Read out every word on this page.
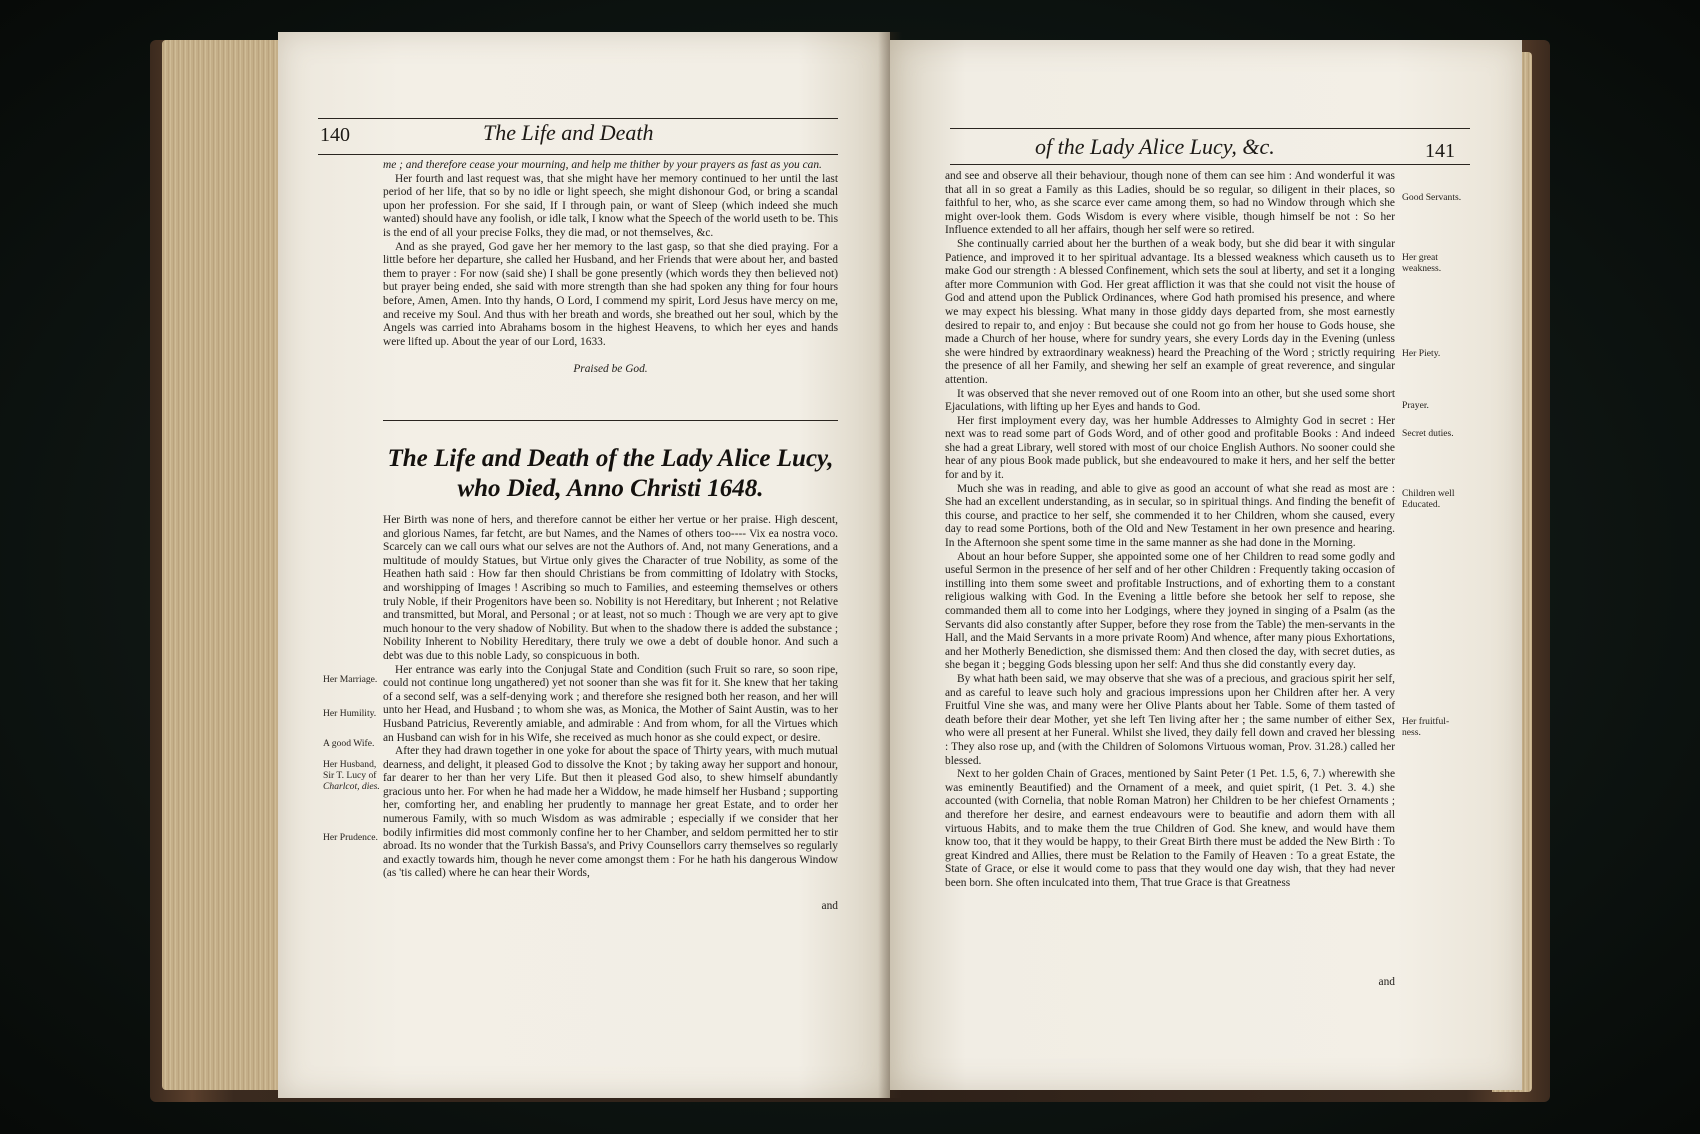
140	The Life and Death

me ; and therefore cease your mourning, and help me thither by your prayers as fast as you can.

Her fourth and last request was, that she might have her memory continued to her until the last period of her life, that so by no idle or light speech, she might dishonour God, or bring a scandal upon her profession. For she said, If I through pain, or want of Sleep (which indeed she much wanted) should have any foolish, or idle talk, I know what the Speech of the world useth to be. This is the end of all your precise Folks, they die mad, or not themselves, &c.

And as she prayed, God gave her her memory to the last gasp, so that she died praying. For a little before her departure, she called her Husband, and her Friends that were about her, and basted them to prayer : For now (said she) I shall be gone presently (which words they then believed not) but prayer being ended, she said with more strength than she had spoken any thing for four hours before, Amen, Amen. Into thy hands, O Lord, I commend my spirit, Lord Jesus have mercy on me, and receive my Soul. And thus with her breath and words, she breathed out her soul, which by the Angels was carried into Abrahams bosom in the highest Heavens, to which her eyes and hands were lifted up. About the year of our Lord, 1633.

Praised be God.

The Life and Death of the Lady Alice Lucy,
who Died, Anno Christi 1648.

Her Birth was none of hers, and therefore cannot be either her vertue or her praise. High descent, and glorious Names, far fetcht, are but Names, and the Names of others too---- Vix ea nostra voco. Scarcely can we call ours what our selves are not the Authors of. And, not many Generations, and a multitude of mouldy Statues, but Virtue only gives the Character of true Nobility, as some of the Heathen hath said : How far then should Christians be from committing of Idolatry with Stocks, and worshipping of Images ! Ascribing so much to Families, and esteeming themselves or others truly Noble, if their Progenitors have been so. Nobility is not Hereditary, but Inherent ; not Relative and transmitted, but Moral, and Personal ; or at least, not so much : Though we are very apt to give much honour to the very shadow of Nobility. But when to the shadow there is added the substance ; Nobility Inherent to Nobility Hereditary, there truly we owe a debt of double honor. And such a debt was due to this noble Lady, so conspicuous in both.

Her entrance was early into the Conjugal State and Condition (such Fruit so rare, so soon ripe, could not continue long ungathered) yet not sooner than she was fit for it. She knew that her taking of a second self, was a self-denying work ; and therefore she resigned both her reason, and her will unto her Head, and Husband ; to whom she was, as Monica, the Mother of Saint Austin, was to her Husband Patricius, Reverently amiable, and admirable : And from whom, for all the Virtues which an Husband can wish for in his Wife, she received as much honor as she could expect, or desire.

After they had drawn together in one yoke for about the space of Thirty years, with much mutual dearness, and delight, it pleased God to dissolve the Knot ; by taking away her support and honour, far dearer to her than her very Life. But then it pleased God also, to shew himself abundantly gracious unto her. For when he had made her a Widdow, he made himself her Husband ; supporting her, comforting her, and enabling her prudently to mannage her great Estate, and to order her numerous Family, with so much Wisdom as was admirable ; especially if we consider that her bodily infirmities did most commonly confine her to her Chamber, and seldom permitted her to stir abroad. Its no wonder that the Turkish Bassa's, and Privy Counsellors carry themselves so regularly and exactly towards him, though he never come amongst them : For he hath his dangerous Window (as 'tis called) where he can hear their Words,

and
Her Marriage.
Her Humility.
A good Wife.
Her Husband,
Sir T. Lucy of
Charlcot, dies.
Her Prudence.
of the Lady Alice Lucy, &c.	141

and see and observe all their behaviour, though none of them can see him : And wonderful it was that all in so great a Family as this Ladies, should be so regular, so diligent in their places, so faithful to her, who, as she scarce ever came among them, so had no Window through which she might over-look them. Gods Wisdom is every where visible, though himself be not : So her Influence extended to all her affairs, though her self were so retired.

She continually carried about her the burthen of a weak body, but she did bear it with singular Patience, and improved it to her spiritual advantage. Its a blessed weakness which causeth us to make God our strength : A blessed Confinement, which sets the soul at liberty, and set it a longing after more Communion with God. Her great affliction it was that she could not visit the house of God and attend upon the Publick Ordinances, where God hath promised his presence, and where we may expect his blessing. What many in those giddy days departed from, she most earnestly desired to repair to, and enjoy : But because she could not go from her house to Gods house, she made a Church of her house, where for sundry years, she every Lords day in the Evening (unless she were hindred by extraordinary weakness) heard the Preaching of the Word ; strictly requiring the presence of all her Family, and shewing her self an example of great reverence, and singular attention.

It was observed that she never removed out of one Room into an other, but she used some short Ejaculations, with lifting up her Eyes and hands to God.

Her first imployment every day, was her humble Addresses to Almighty God in secret : Her next was to read some part of Gods Word, and of other good and profitable Books : And indeed she had a great Library, well stored with most of our choice English Authors. No sooner could she hear of any pious Book made publick, but she endeavoured to make it hers, and her self the better for and by it.

Much she was in reading, and able to give as good an account of what she read as most are : She had an excellent understanding, as in secular, so in spiritual things. And finding the benefit of this course, and practice to her self, she commended it to her Children, whom she caused, every day to read some Portions, both of the Old and New Testament in her own presence and hearing. In the Afternoon she spent some time in the same manner as she had done in the Morning.

About an hour before Supper, she appointed some one of her Children to read some godly and useful Sermon in the presence of her self and of her other Children : Frequently taking occasion of instilling into them some sweet and profitable Instructions, and of exhorting them to a constant religious walking with God. In the Evening a little before she betook her self to repose, she commanded them all to come into her Lodgings, where they joyned in singing of a Psalm (as the Servants did also constantly after Supper, before they rose from the Table) the men-servants in the Hall, and the Maid Servants in a more private Room) And whence, after many pious Exhortations, and her Motherly Benediction, she dismissed them: And then closed the day, with secret duties, as she began it ; begging Gods blessing upon her self: And thus she did constantly every day.

By what hath been said, we may observe that she was of a precious, and gracious spirit her self, and as careful to leave such holy and gracious impressions upon her Children after her. A very Fruitful Vine she was, and many were her Olive Plants about her Table. Some of them tasted of death before their dear Mother, yet she left Ten living after her ; the same number of either Sex, who were all present at her Funeral. Whilst she lived, they daily fell down and craved her blessing : They also rose up, and (with the Children of Solomons Virtuous woman, Prov. 31.28.) called her blessed.

Next to her golden Chain of Graces, mentioned by Saint Peter (1 Pet. 1.5, 6, 7.) wherewith she was eminently Beautified) and the Ornament of a meek, and quiet spirit, (1 Pet. 3. 4.) she accounted (with Cornelia, that noble Roman Matron) her Children to be her chiefest Ornaments ; and therefore her desire, and earnest endeavours were to beautifie and adorn them with all virtuous Habits, and to make them the true Children of God. She knew, and would have them know too, that it they would be happy, to their Great Birth there must be added the New Birth : To great Kindred and Allies, there must be Relation to the Family of Heaven : To a great Estate, the State of Grace, or else it would come to pass that they would one day wish, that they had never been born. She often inculcated into them, That true Grace is that Greatness

and
Good Servants.
Her great
weakness.
Her Piety.
Prayer.
Secret duties.
Children well
Educated.
Her fruitful-
ness.
